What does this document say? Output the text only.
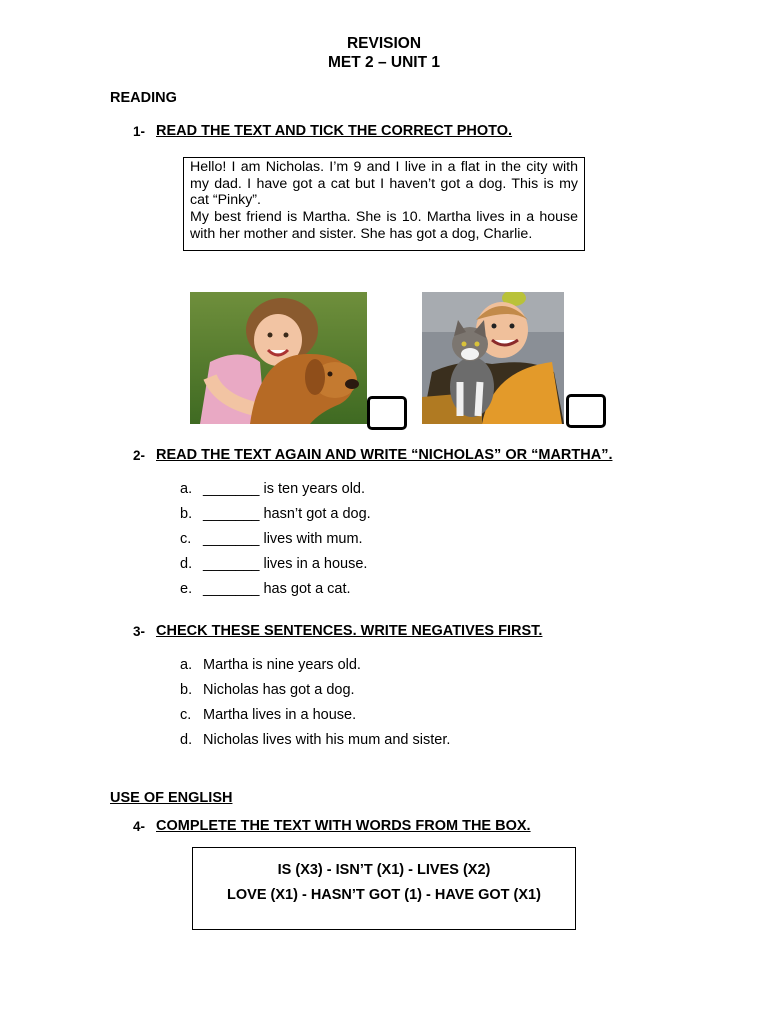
REVISION
MET 2 – UNIT 1
READING
1- READ THE TEXT AND TICK THE CORRECT PHOTO.

Hello! I am Nicholas. I’m 9 and I live in a flat in the city with my dad. I have got a cat but I haven’t got a dog. This is my cat “Pinky”.

My best friend is Martha. She is 10. Martha lives in a house with her mother and sister. She has got a dog, Charlie.

2- READ THE TEXT AGAIN AND WRITE “NICHOLAS” OR “MARTHA”.
a. _______ is ten years old.
b. _______ hasn’t got a dog.
c. _______ lives with mum.
d. _______ lives in a house.
e. _______ has got a cat.
3- CHECK THESE SENTENCES. WRITE NEGATIVES FIRST.
a. Martha is nine years old.
b. Nicholas has got a dog.
c. Martha lives in a house.
d. Nicholas lives with his mum and sister.
USE OF ENGLISH
4- COMPLETE THE TEXT WITH WORDS FROM THE BOX.
IS (X3) - ISN’T (X1) - LIVES (X2)
LOVE (X1) - HASN’T GOT (1) - HAVE GOT (X1)
